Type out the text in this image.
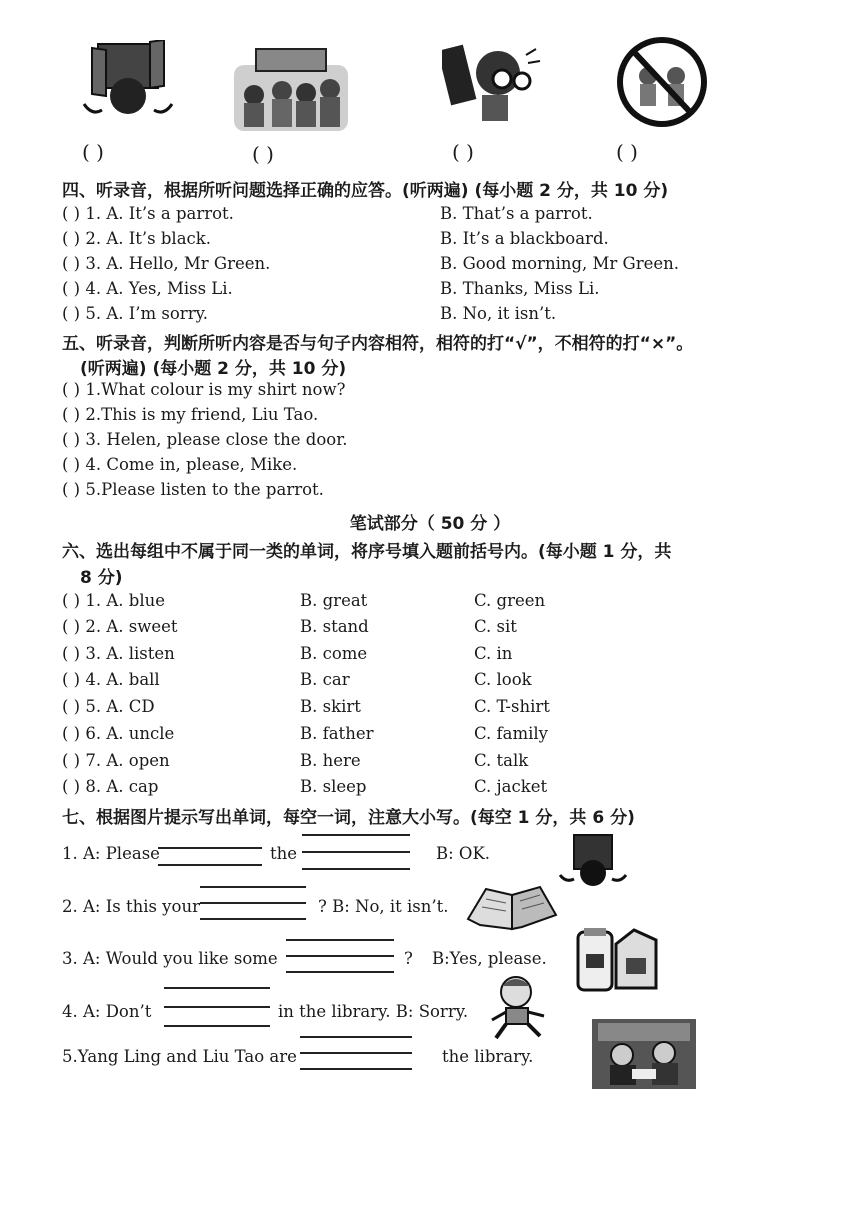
( )	( )	( )	( )
四、听录音，根据所听问题选择正确的应答。(听两遍) (每小题 2 分，共 10 分)
( ) 1. A. It’s a parrot.	B. That’s a parrot.
( ) 2. A. It’s black.	B. It’s a blackboard.
( ) 3. A. Hello, Mr Green.	B. Good morning, Mr Green.
( ) 4. A. Yes, Miss Li.	B. Thanks, Miss Li.
( ) 5. A. I’m sorry.	B. No, it isn’t.
五、听录音，判断所听内容是否与句子内容相符，相符的打“√”，不相符的打“×”。
(听两遍) (每小题 2 分，共 10 分)
( ) 1.What colour is my shirt now?
( ) 2.This is my friend, Liu Tao.
( ) 3. Helen, please close the door.
( ) 4. Come in, please, Mike.
( ) 5.Please listen to the parrot.
笔试部分（ 50 分 ）
六、选出每组中不属于同一类的单词，将序号填入题前括号内。(每小题 1 分，共
8 分)
( ) 1. A. blue	B. great	C. green
( ) 2. A. sweet	B. stand	C. sit
( ) 3. A. listen	B. come	C. in
( ) 4. A. ball	B. car	C. look
( ) 5. A. CD	B. skirt	C. T-shirt
( ) 6. A. uncle	B. father	C. family
( ) 7. A. open	B. here	C. talk
( ) 8. A. cap	B. sleep	C. jacket
七、根据图片提示写出单词，每空一词，注意大小写。(每空 1 分，共 6 分)
1. A: Please	the	B: OK.
2. A: Is this your	? B: No, it isn’t.
3. A: Would you like some	? B:Yes, please.
4. A: Don’t	in the library. B: Sorry.
5.Yang Ling and Liu Tao are	the library.
